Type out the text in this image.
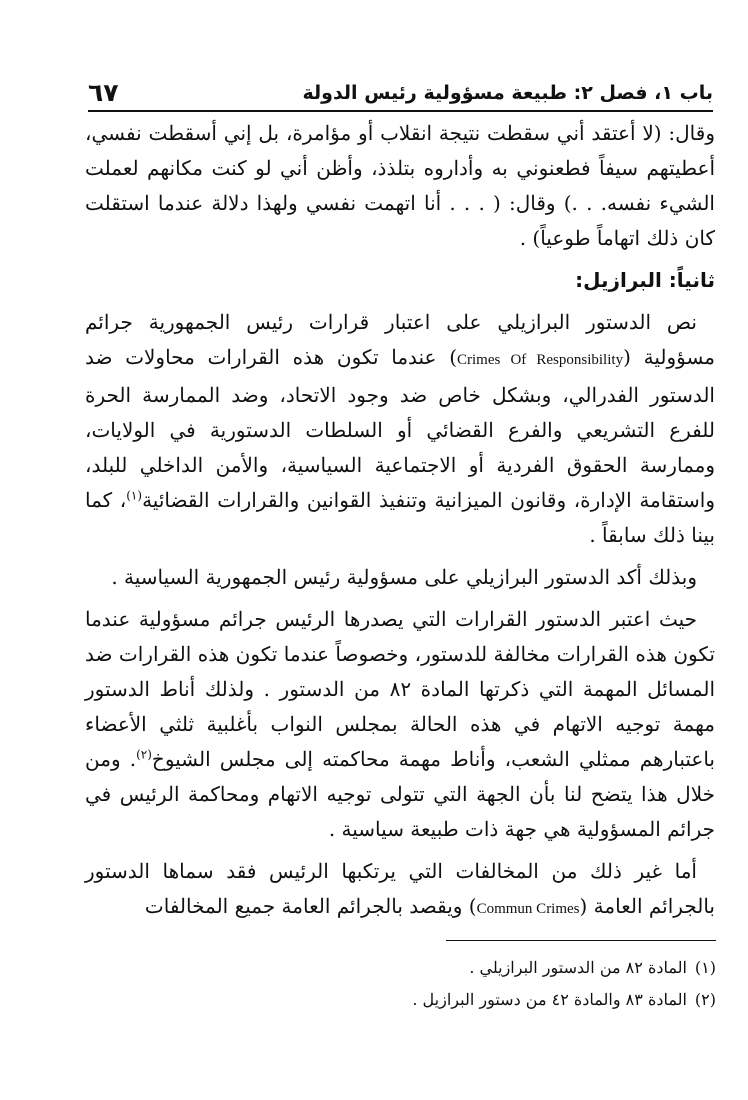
باب ١، فصل ٢: طبيعة مسؤولية رئيس الدولة
٦٧

وقال: (لا أعتقد أني سقطت نتيجة انقلاب أو مؤامرة، بل إني أسقطت نفسي، أعطيتهم سيفاً فطعنوني به وأداروه بتلذذ، وأظن أني لو كنت مكانهم لعملت الشيء نفسه. . .) وقال: ( . . . أنا اتهمت نفسي ولهذا دلالة عندما استقلت كان ذلك اتهاماً طوعياً) .

ثانياً: البرازيل:

نص الدستور البرازيلي على اعتبار قرارات رئيس الجمهورية جرائم مسؤولية (Crimes Of Responsibility) عندما تكون هذه القرارات محاولات ضد الدستور الفدرالي، وبشكل خاص ضد وجود الاتحاد، وضد الممارسة الحرة للفرع التشريعي والفرع القضائي أو السلطات الدستورية في الولايات، وممارسة الحقوق الفردية أو الاجتماعية السياسية، والأمن الداخلي للبلد، واستقامة الإدارة، وقانون الميزانية وتنفيذ القوانين والقرارات القضائية$^{(١)}$، كما بينا ذلك سابقاً .

وبذلك أكد الدستور البرازيلي على مسؤولية رئيس الجمهورية السياسية .

حيث اعتبر الدستور القرارات التي يصدرها الرئيس جرائم مسؤولية عندما تكون هذه القرارات مخالفة للدستور، وخصوصاً عندما تكون هذه القرارات ضد المسائل المهمة التي ذكرتها المادة ٨٢ من الدستور . ولذلك أناط الدستور مهمة توجيه الاتهام في هذه الحالة بمجلس النواب بأغلبية ثلثي الأعضاء باعتبارهم ممثلي الشعب، وأناط مهمة محاكمته إلى مجلس الشيوخ$^{(٢)}$. ومن خلال هذا يتضح لنا بأن الجهة التي تتولى توجيه الاتهام ومحاكمة الرئيس في جرائم المسؤولية هي جهة ذات طبيعة سياسية .

أما غير ذلك من المخالفات التي يرتكبها الرئيس فقد سماها الدستور بالجرائم العامة (Commun Crimes) ويقصد بالجرائم العامة جميع المخالفات

(١)المادة ٨٢ من الدستور البرازيلي .
(٢)المادة ٨٣ والمادة ٤٢ من دستور البرازيل .
